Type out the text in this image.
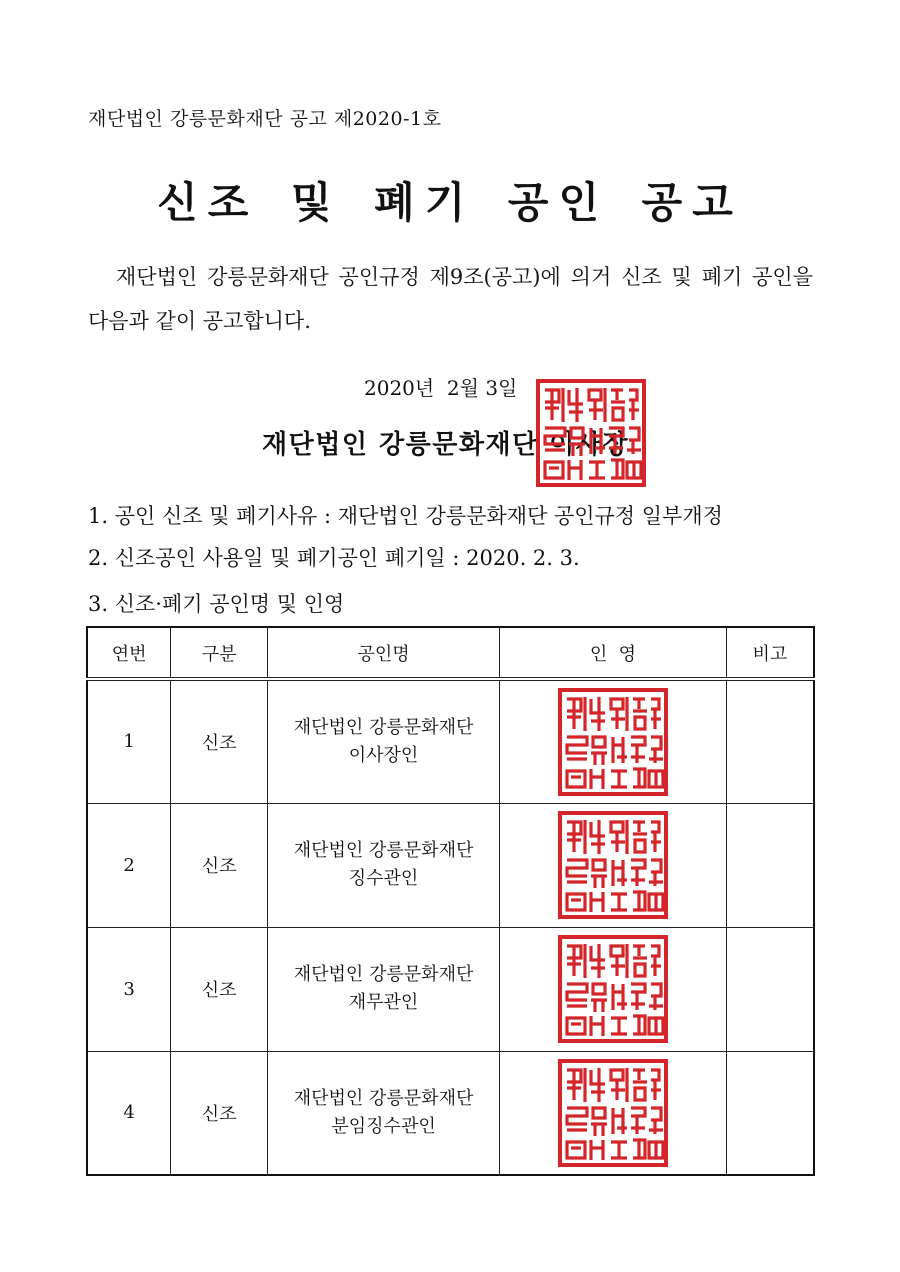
재단법인 강릉문화재단 공고 제2020-1호
신조 및 폐기 공인 공고
재단법인 강릉문화재단 공인규정 제9조(공고)에 의거 신조 및 폐기 공인을 다음과 같이 공고합니다.
2020년  2월 3일
재단법인 강릉문화재단 이사장
1. 공인 신조 및 폐기사유 : 재단법인 강릉문화재단 공인규정 일부개정
2. 신조공인 사용일 및 폐기공인 폐기일 : 2020. 2. 3.
3. 신조·폐기 공인명 및 인영
연번	구분	공인명	인  영	비고
1	신조	재단법인 강릉문화재단
이사장인

2	신조	재단법인 강릉문화재단
징수관인

3	신조	재단법인 강릉문화재단
재무관인

4	신조	재단법인 강릉문화재단
분임징수관인
